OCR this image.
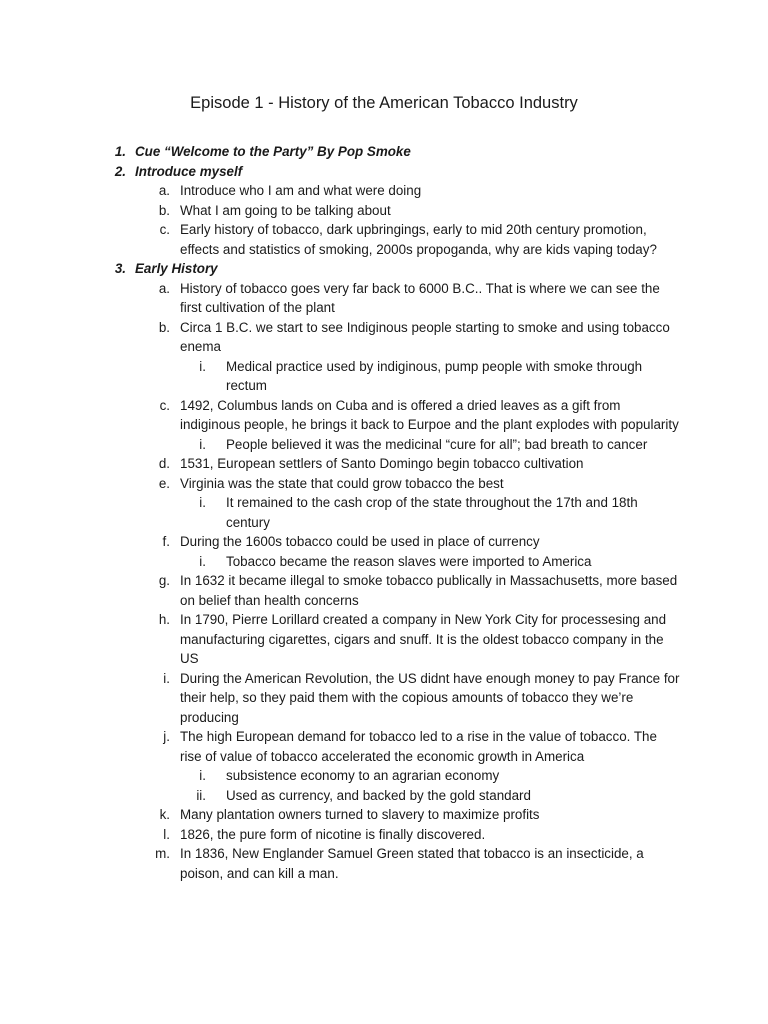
Episode 1 - History of the American Tobacco Industry
1. Cue “Welcome to the Party” By Pop Smoke
2. Introduce myself
a. Introduce who I am and what were doing
b. What I am going to be talking about
c. Early history of tobacco, dark upbringings, early to mid 20th century promotion, effects and statistics of smoking, 2000s propoganda, why are kids vaping today?
3. Early History
a. History of tobacco goes very far back to 6000 B.C.. That is where we can see the first cultivation of the plant
b. Circa 1 B.C. we start to see Indiginous people starting to smoke and using tobacco enema
i. Medical practice used by indiginous, pump people with smoke through rectum
c. 1492, Columbus lands on Cuba and is offered a dried leaves as a gift from indiginous people, he brings it back to Eurpoe and the plant explodes with popularity
i. People believed it was the medicinal “cure for all”; bad breath to cancer
d. 1531, European settlers of Santo Domingo begin tobacco cultivation
e. Virginia was the state that could grow tobacco the best
i. It remained to the cash crop of the state throughout the 17th and 18th century
f. During the 1600s tobacco could be used in place of currency
i. Tobacco became the reason slaves were imported to America
g. In 1632 it became illegal to smoke tobacco publically in Massachusetts, more based on belief than health concerns
h. In 1790, Pierre Lorillard created a company in New York City for processesing and manufacturing cigarettes, cigars and snuff. It is the oldest tobacco company in the US
i. During the American Revolution, the US didnt have enough money to pay France for their help, so they paid them with the copious amounts of tobacco they we’re producing
j. The high European demand for tobacco led to a rise in the value of tobacco. The rise of value of tobacco accelerated the economic growth in America
i. subsistence economy to an agrarian economy
ii. Used as currency, and backed by the gold standard
k. Many plantation owners turned to slavery to maximize profits
l. 1826, the pure form of nicotine is finally discovered.
m. In 1836, New Englander Samuel Green stated that tobacco is an insecticide, a poison, and can kill a man.
